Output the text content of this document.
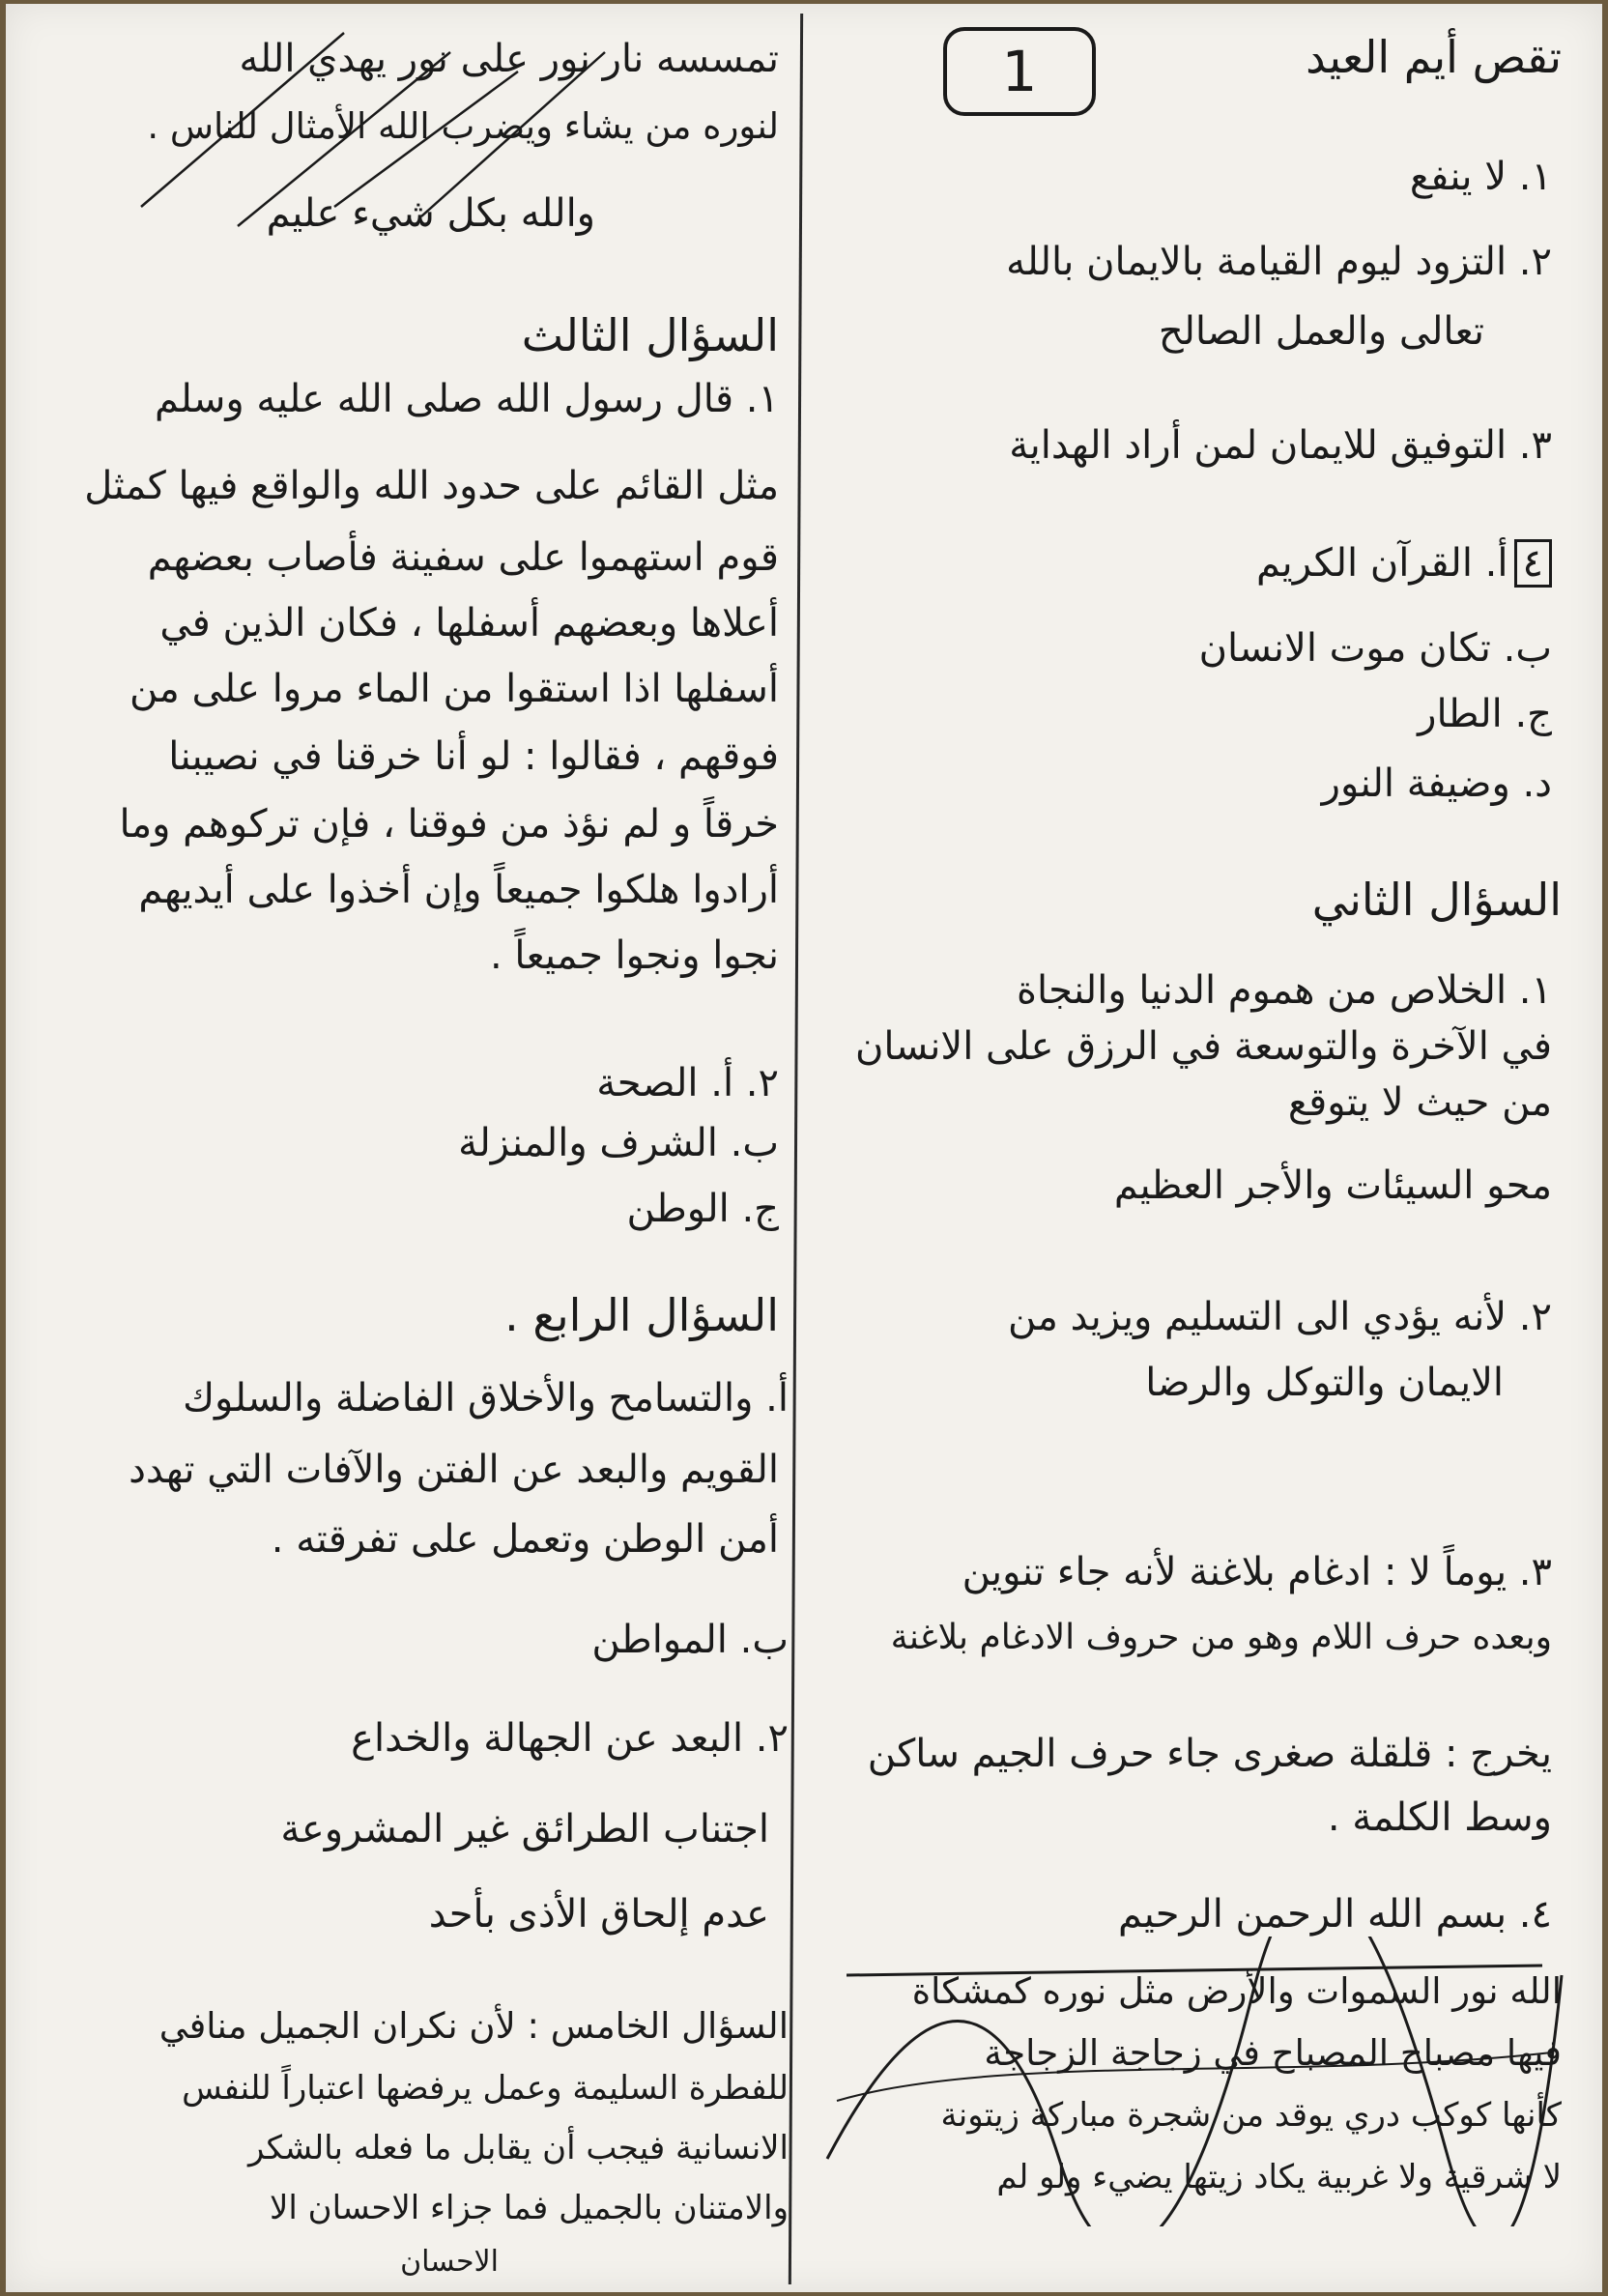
تقص أيم العيد
1
١. لا ينفع
٢. التزود ليوم القيامة بالايمان بالله
تعالى والعمل الصالح
٣. التوفيق للايمان لمن أراد الهداية
٤أ. القرآن الكريم
ب. تكان موت الانسان
ج. الطار
د. وضيفة النور
السؤال الثاني
١. الخلاص من هموم الدنيا والنجاة
في الآخرة والتوسعة في الرزق على الانسان
من حيث لا يتوقع
محو السيئات والأجر العظيم
٢. لأنه يؤدي الى التسليم ويزيد من
الايمان والتوكل والرضا
٣. يوماً لا : ادغام بلاغنة لأنه جاء تنوين
وبعده حرف اللام وهو من حروف الادغام بلاغنة
يخرج : قلقلة صغرى جاء حرف الجيم ساكن
وسط الكلمة .
٤. بسم الله الرحمن الرحيم
الله نور السموات والأرض مثل نوره كمشكاة
فيها مصباح المصباح في زجاجة الزجاجة
كأنها كوكب دري يوقد من شجرة مباركة زيتونة
لا شرقية ولا غربية يكاد زيتها يضيء ولو لم
تمسسه نار نور على نور يهدي الله
لنوره من يشاء ويضرب الله الأمثال للناس .
والله بكل شيء عليم
السؤال الثالث
١. قال رسول الله صلى الله عليه وسلم
مثل القائم على حدود الله والواقع فيها كمثل
قوم استهموا على سفينة فأصاب بعضهم
أعلاها وبعضهم أسفلها ، فكان الذين في
أسفلها اذا استقوا من الماء مروا على من
فوقهم ، فقالوا : لو أنا خرقنا في نصيبنا
خرقاً و لم نؤذ من فوقنا ، فإن تركوهم وما
أرادوا هلكوا جميعاً وإن أخذوا على أيديهم
نجوا ونجوا جميعاً .
٢. أ. الصحة
ب. الشرف والمنزلة
ج. الوطن
السؤال الرابع .
أ. والتسامح والأخلاق الفاضلة والسلوك
القويم والبعد عن الفتن والآفات التي تهدد
أمن الوطن وتعمل على تفرقته .
ب. المواطن
٢. البعد عن الجهالة والخداع
اجتناب الطرائق غير المشروعة
عدم إلحاق الأذى بأحد
السؤال الخامس : لأن نكران الجميل منافي
للفطرة السليمة وعمل يرفضها اعتباراً للنفس
الانسانية فيجب أن يقابل ما فعله بالشكر
والامتنان بالجميل فما جزاء الاحسان الا
الاحسان
